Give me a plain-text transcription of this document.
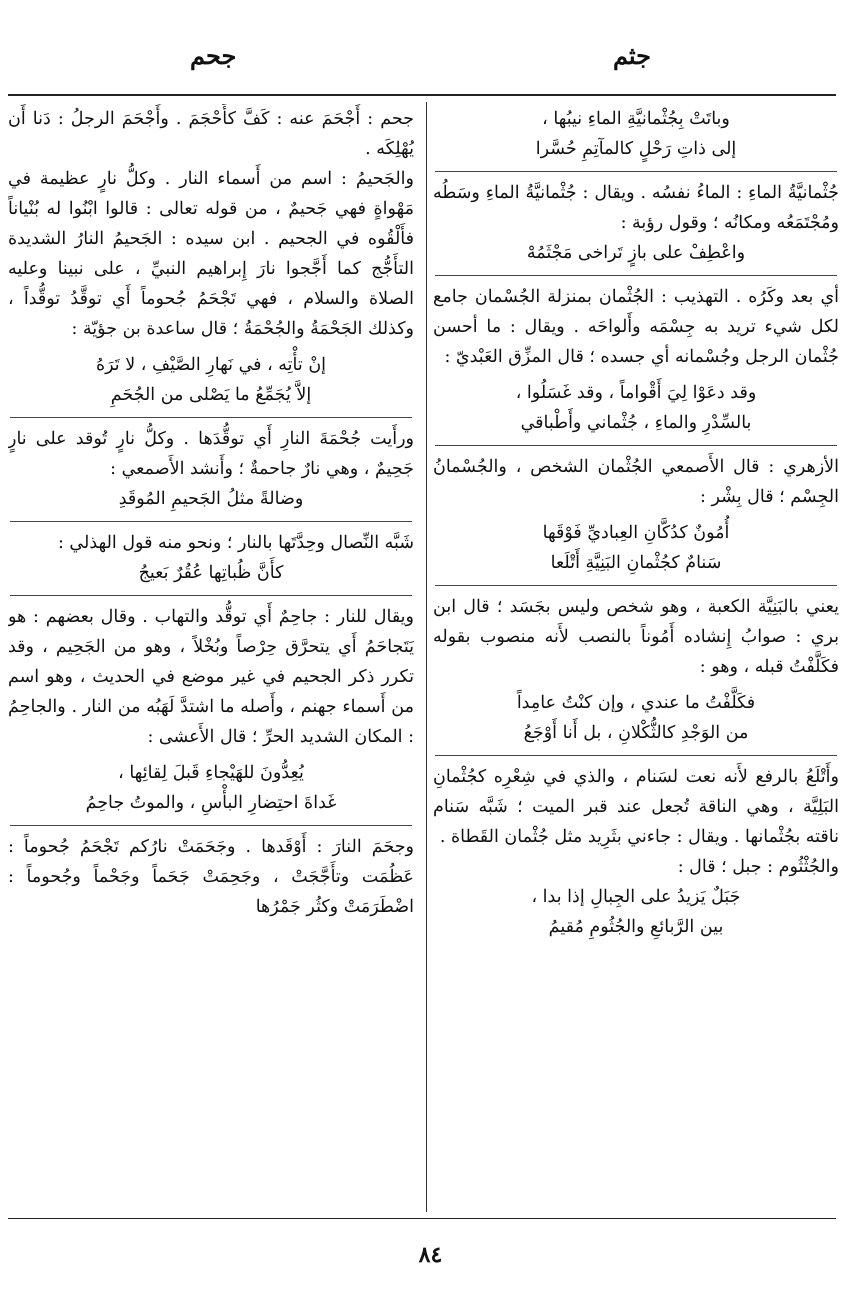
جثم
جحم
وباتَتْ بِجُثْمانيَّةِ الماءِ نيبُها ،
إلى ذاتِ رَحْلٍ كالمآتِمِ حُسَّرا

جُثْمانيَّةُ الماءِ : الماءُ نفسُه . ويقال : جُثْمانيَّةُ الماءِ وسَطُه ومُجْتَمَعُه ومكانُه ؛ وقول رؤبة :

واعْطِفْ على بازٍ تَراخى مَجْثَمُهْ

أي بعد وكَرُه . التهذيب : الجُثْمان بمنزلة الجُسْمان جامع لكل شيء تريد به جِسْمَه وأَلواحَه . ويقال : ما أحسن جُثْمان الرجل وجُسْمانه أي جسده ؛ قال المزِّق العَبْديّ :

وقد دعَوْا لِيَ أَقْواماً ، وقد غَسَلُوا ،
بالسِّدْرِ والماءِ ، جُثْماني وأَطْباقي

الأزهري : قال الأَصمعي الجُثْمان الشخص ، والجُسْمانُ الجِسْم ؛ قال بِشْر :

أُمُونٌ كدُكَّانِ العِباديِّ فَوْقَها
سَنامٌ كجُثْمانِ البَنِيَّةِ أَتْلَعا

يعني بالبَنِيَّة الكعبة ، وهو شخص وليس بجَسَد ؛ قال ابن بري : صوابُ إِنشاده أَمُوناً بالنصب لأَنه منصوب بقوله فكَلَّفْتُ قبله ، وهو :

فكَلَّفْتُ ما عندي ، وإن كنْتُ عامِداً
من الوَجْدِ كالثُّكْلانِ ، بل أَنا أَوْجَعُ

وأَتْلَعُ بالرفع لأَنه نعت لسَنام ، والذي في شِعْرِه كجُثْمانِ البَلِيَّة ، وهي الناقة تُجعل عند قبر الميت ؛ شَبَّه سَنام ناقته بجُثْمانها . ويقال : جاءني بثَرِيد مثل جُثْمان القَطاة .

والجُثْثُوم : جبل ؛ قال :

جَبَلٌ يَزيدُ على الجِبالِ إذا بدا ،
بين الرَّبائعِ والجُثُومِ مُقيمُ

جحم : أَجْحَمَ عنه : كَفَّ كأَحْجَمَ . وأَجْحَمَ الرجلُ : دَنا أَن يُهْلِكَه .

والجَحيمُ : اسم من أَسماء النار . وكلُّ نارٍ عظيمة في مَهْواةٍ فهي جَحيمٌ ، من قوله تعالى : قالوا ابْنُوا له بُنْياناً فأَلْقُوه في الجحيم . ابن سيده : الجَحيمُ النارُ الشديدة التأَجُّج كما أَجَّجوا نارَ إِبراهيم النبيِّ ، على نبينا وعليه الصلاة والسلام ، فهي تَجْحَمُ جُحوماً أَي توقَّدُ توقُّداً ، وكذلك الجَحْمَةُ والجُحْمَةُ ؛ قال ساعدة بن جؤيّة :

إنْ تأْتِه ، في نَهارِ الصَّيْفِ ، لا تَرَهُ
إلاَّ يُجَمِّعُ ما يَصْلى من الجُحَمِ

ورأَيت جُحْمَةَ النارِ أَي توقُّدَها . وكلُّ نارٍ تُوقد على نارٍ جَحِيمٌ ، وهي نارٌ جاحمةٌ ؛ وأَنشد الأَصمعي :

وضالةً مثلُ الجَحيمِ المُوقَدِ

شَبَّه النِّصال وحِدَّتَها بالنار ؛ ونحو منه قول الهذلي :

كأَنَّ ظُباتِها عُقُرٌ بَعيجُ

ويقال للنار : جاحِمٌ أَي توقُّد والتهاب . وقال بعضهم : هو يَتَجاحَمُ أَي يتحرَّق حِرْصاً وبُخْلاً ، وهو من الجَحِيم ، وقد تكرر ذكر الجحيم في غير موضع في الحديث ، وهو اسم من أَسماء جهنم ، وأَصله ما اشتدَّ لَهَبُه من النار . والجاحِمُ : المكان الشديد الحرِّ ؛ قال الأَعشى :

يُعِدُّونَ للهَيْجاءِ قَبلَ لِقائِها ،
غَداةَ احتِضارِ البأْسِ ، والموتُ جاحِمُ

وجحَمَ النارَ : أَوْقَدها . وجَحَمَتْ نارُكم تَجْحَمُ جُحوماً : عَظُمَت وتأَجَّجَتْ ، وجَحِمَتْ جَحَماً وجَحْماً وجُحوماً : اضْطَرَمَتْ وكثُر جَمْرُها

٨٤
